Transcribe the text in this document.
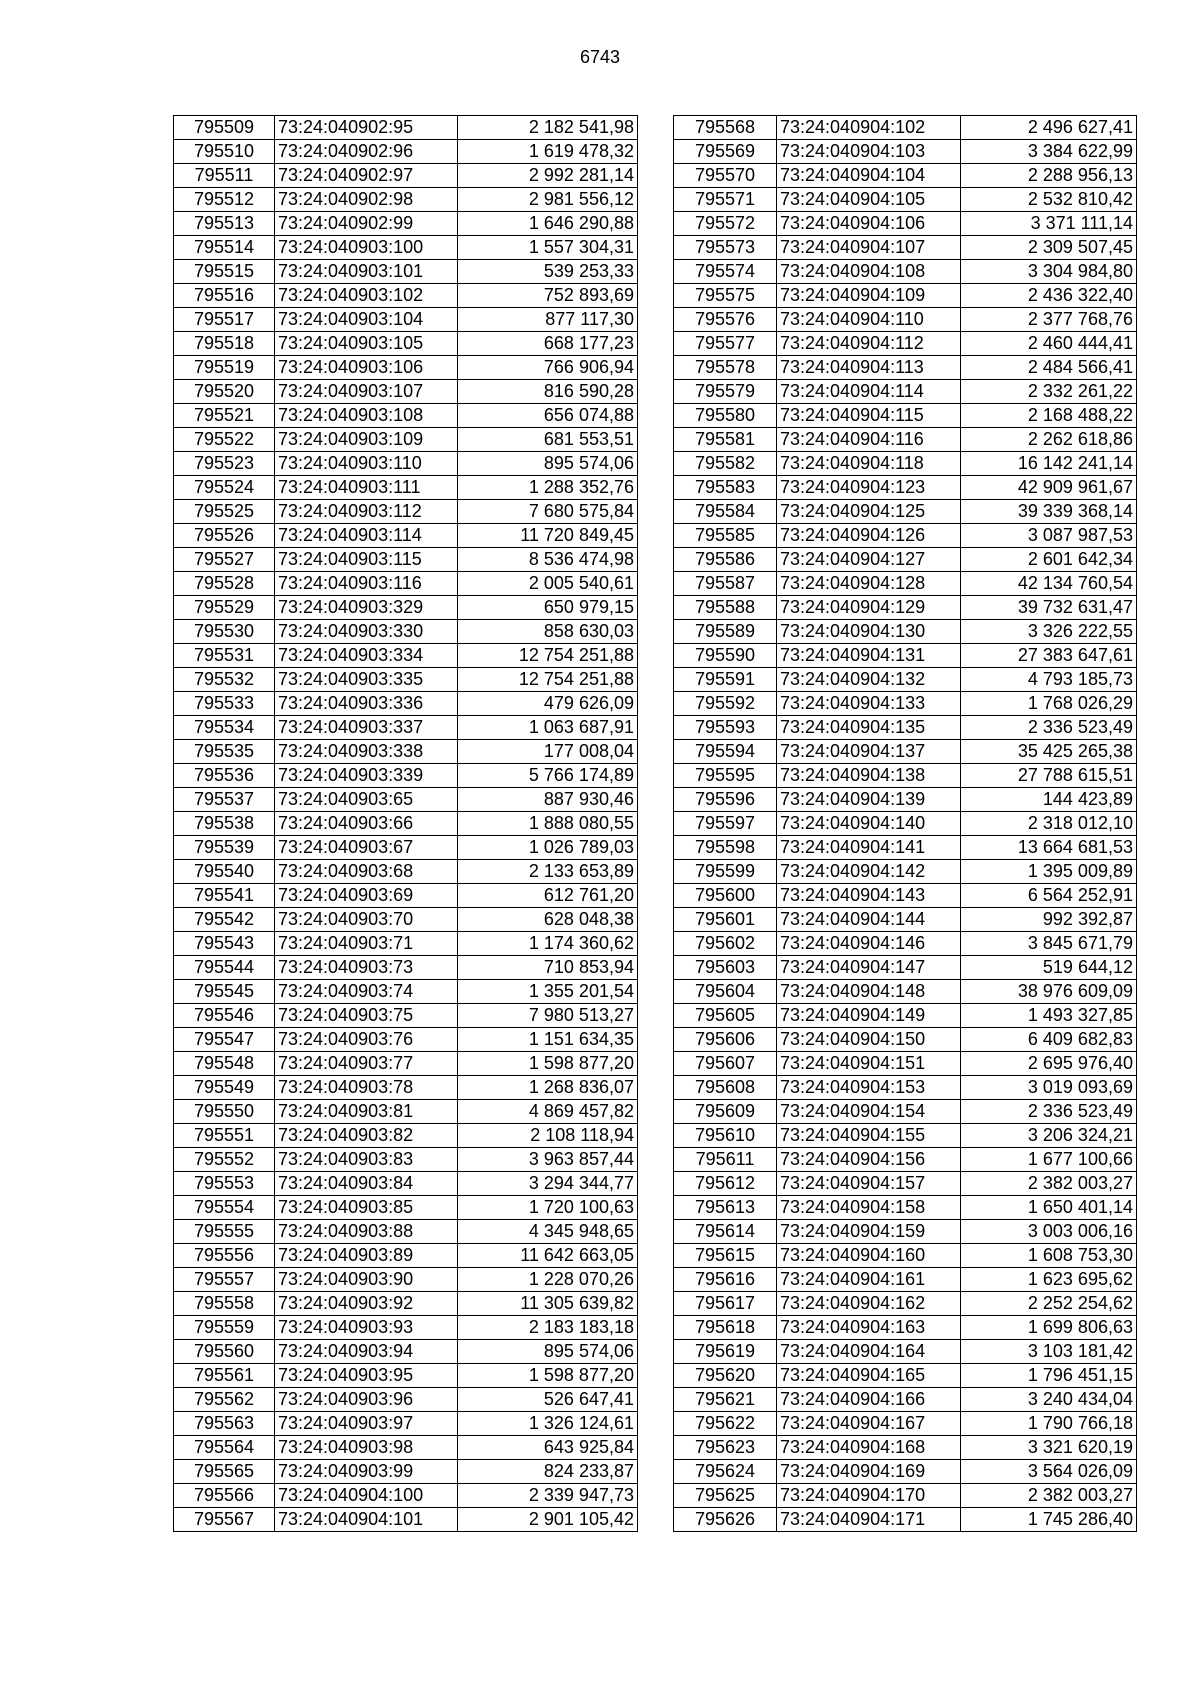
6743
795509	73:24:040902:95	2 182 541,98
795510	73:24:040902:96	1 619 478,32
795511	73:24:040902:97	2 992 281,14
795512	73:24:040902:98	2 981 556,12
795513	73:24:040902:99	1 646 290,88
795514	73:24:040903:100	1 557 304,31
795515	73:24:040903:101	539 253,33
795516	73:24:040903:102	752 893,69
795517	73:24:040903:104	877 117,30
795518	73:24:040903:105	668 177,23
795519	73:24:040903:106	766 906,94
795520	73:24:040903:107	816 590,28
795521	73:24:040903:108	656 074,88
795522	73:24:040903:109	681 553,51
795523	73:24:040903:110	895 574,06
795524	73:24:040903:111	1 288 352,76
795525	73:24:040903:112	7 680 575,84
795526	73:24:040903:114	11 720 849,45
795527	73:24:040903:115	8 536 474,98
795528	73:24:040903:116	2 005 540,61
795529	73:24:040903:329	650 979,15
795530	73:24:040903:330	858 630,03
795531	73:24:040903:334	12 754 251,88
795532	73:24:040903:335	12 754 251,88
795533	73:24:040903:336	479 626,09
795534	73:24:040903:337	1 063 687,91
795535	73:24:040903:338	177 008,04
795536	73:24:040903:339	5 766 174,89
795537	73:24:040903:65	887 930,46
795538	73:24:040903:66	1 888 080,55
795539	73:24:040903:67	1 026 789,03
795540	73:24:040903:68	2 133 653,89
795541	73:24:040903:69	612 761,20
795542	73:24:040903:70	628 048,38
795543	73:24:040903:71	1 174 360,62
795544	73:24:040903:73	710 853,94
795545	73:24:040903:74	1 355 201,54
795546	73:24:040903:75	7 980 513,27
795547	73:24:040903:76	1 151 634,35
795548	73:24:040903:77	1 598 877,20
795549	73:24:040903:78	1 268 836,07
795550	73:24:040903:81	4 869 457,82
795551	73:24:040903:82	2 108 118,94
795552	73:24:040903:83	3 963 857,44
795553	73:24:040903:84	3 294 344,77
795554	73:24:040903:85	1 720 100,63
795555	73:24:040903:88	4 345 948,65
795556	73:24:040903:89	11 642 663,05
795557	73:24:040903:90	1 228 070,26
795558	73:24:040903:92	11 305 639,82
795559	73:24:040903:93	2 183 183,18
795560	73:24:040903:94	895 574,06
795561	73:24:040903:95	1 598 877,20
795562	73:24:040903:96	526 647,41
795563	73:24:040903:97	1 326 124,61
795564	73:24:040903:98	643 925,84
795565	73:24:040903:99	824 233,87
795566	73:24:040904:100	2 339 947,73
795567	73:24:040904:101	2 901 105,42
795568	73:24:040904:102	2 496 627,41
795569	73:24:040904:103	3 384 622,99
795570	73:24:040904:104	2 288 956,13
795571	73:24:040904:105	2 532 810,42
795572	73:24:040904:106	3 371 111,14
795573	73:24:040904:107	2 309 507,45
795574	73:24:040904:108	3 304 984,80
795575	73:24:040904:109	2 436 322,40
795576	73:24:040904:110	2 377 768,76
795577	73:24:040904:112	2 460 444,41
795578	73:24:040904:113	2 484 566,41
795579	73:24:040904:114	2 332 261,22
795580	73:24:040904:115	2 168 488,22
795581	73:24:040904:116	2 262 618,86
795582	73:24:040904:118	16 142 241,14
795583	73:24:040904:123	42 909 961,67
795584	73:24:040904:125	39 339 368,14
795585	73:24:040904:126	3 087 987,53
795586	73:24:040904:127	2 601 642,34
795587	73:24:040904:128	42 134 760,54
795588	73:24:040904:129	39 732 631,47
795589	73:24:040904:130	3 326 222,55
795590	73:24:040904:131	27 383 647,61
795591	73:24:040904:132	4 793 185,73
795592	73:24:040904:133	1 768 026,29
795593	73:24:040904:135	2 336 523,49
795594	73:24:040904:137	35 425 265,38
795595	73:24:040904:138	27 788 615,51
795596	73:24:040904:139	144 423,89
795597	73:24:040904:140	2 318 012,10
795598	73:24:040904:141	13 664 681,53
795599	73:24:040904:142	1 395 009,89
795600	73:24:040904:143	6 564 252,91
795601	73:24:040904:144	992 392,87
795602	73:24:040904:146	3 845 671,79
795603	73:24:040904:147	519 644,12
795604	73:24:040904:148	38 976 609,09
795605	73:24:040904:149	1 493 327,85
795606	73:24:040904:150	6 409 682,83
795607	73:24:040904:151	2 695 976,40
795608	73:24:040904:153	3 019 093,69
795609	73:24:040904:154	2 336 523,49
795610	73:24:040904:155	3 206 324,21
795611	73:24:040904:156	1 677 100,66
795612	73:24:040904:157	2 382 003,27
795613	73:24:040904:158	1 650 401,14
795614	73:24:040904:159	3 003 006,16
795615	73:24:040904:160	1 608 753,30
795616	73:24:040904:161	1 623 695,62
795617	73:24:040904:162	2 252 254,62
795618	73:24:040904:163	1 699 806,63
795619	73:24:040904:164	3 103 181,42
795620	73:24:040904:165	1 796 451,15
795621	73:24:040904:166	3 240 434,04
795622	73:24:040904:167	1 790 766,18
795623	73:24:040904:168	3 321 620,19
795624	73:24:040904:169	3 564 026,09
795625	73:24:040904:170	2 382 003,27
795626	73:24:040904:171	1 745 286,40
